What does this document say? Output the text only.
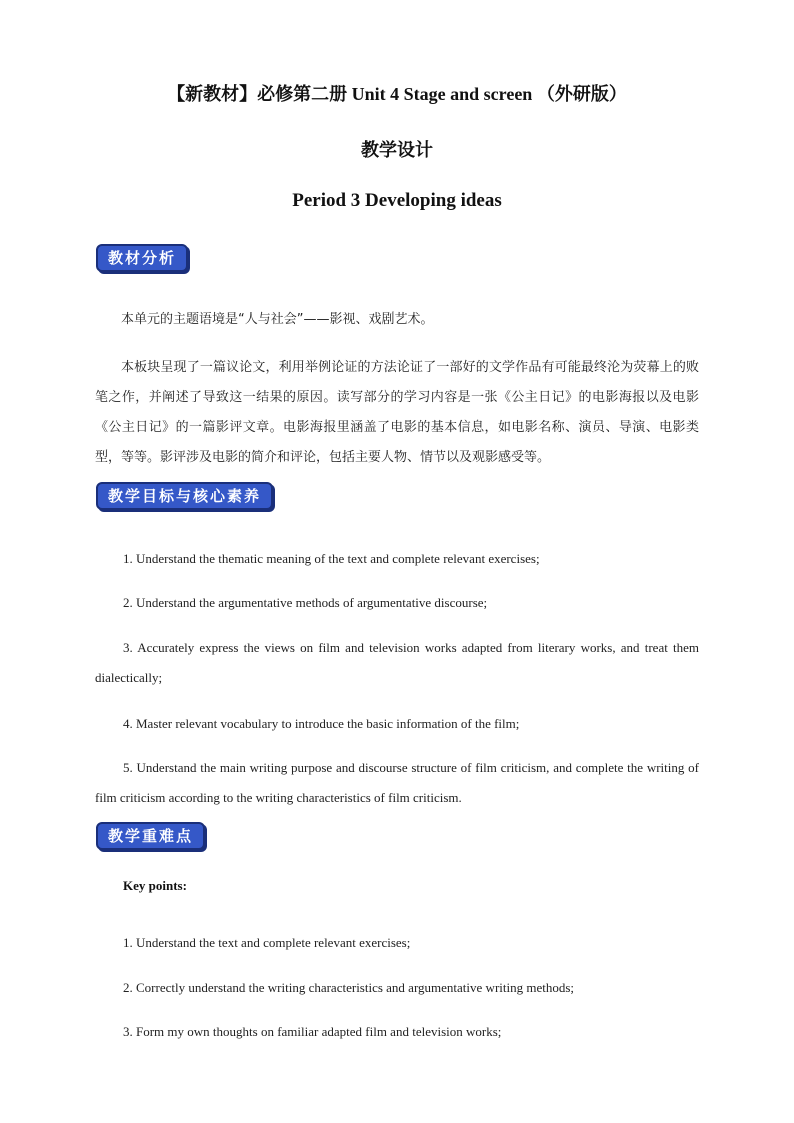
【新教材】必修第二册 Unit 4 Stage and screen （外研版）
教学设计
Period 3 Developing ideas
教材分析

本单元的主题语境是“人与社会”——影视、戏剧艺术。

本板块呈现了一篇议论文，利用举例论证的方法论证了一部好的文学作品有可能最终沦为荧幕上的败笔之作，并阐述了导致这一结果的原因。读写部分的学习内容是一张《公主日记》的电影海报以及电影《公主日记》的一篇影评文章。电影海报里涵盖了电影的基本信息，如电影名称、演员、导演、电影类型，等等。影评涉及电影的简介和评论，包括主要人物、情节以及观影感受等。

教学目标与核心素养

1. Understand the thematic meaning of the text and complete relevant exercises;

2. Understand the argumentative methods of argumentative discourse;

3. Accurately express the views on film and television works adapted from literary works, and treat them dialectically;

4. Master relevant vocabulary to introduce the basic information of the film;

5. Understand the main writing purpose and discourse structure of film criticism, and complete the writing of film criticism according to the writing characteristics of film criticism.

教学重难点
Key points:

1. Understand the text and complete relevant exercises;

2. Correctly understand the writing characteristics and argumentative writing methods;

3. Form my own thoughts on familiar adapted film and television works;
